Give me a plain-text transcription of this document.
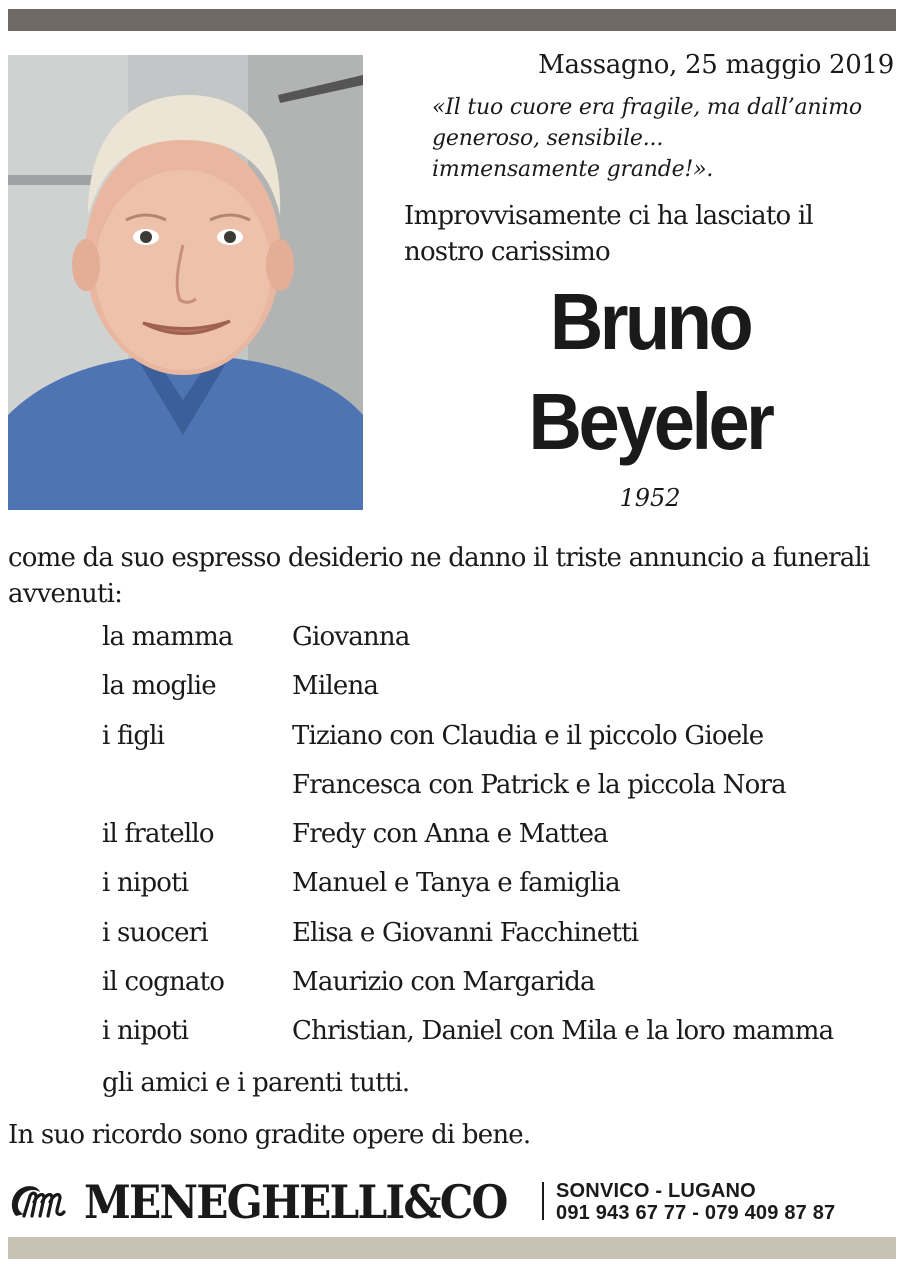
Massagno, 25 maggio 2019
«Il tuo cuore era fragile, ma dall’animo
generoso, sensibile...
immensamente grande!».
Improvvisamente ci ha lasciato il nostro carissimo
Bruno
Beyeler
1952
come da suo espresso desiderio ne danno il triste annuncio a funerali avvenuti:
la mamma	Giovanna
la moglie	Milena
i figli	Tiziano con Claudia e il piccolo Gioele
Francesca con Patrick e la piccola Nora
il fratello	Fredy con Anna e Mattea
i nipoti	Manuel e Tanya e famiglia
i suoceri	Elisa e Giovanni Facchinetti
il cognato	Maurizio con Margarida
i nipoti	Christian, Daniel con Mila e la loro mamma
gli amici e i parenti tutti.
In suo ricordo sono gradite opere di bene.
MENEGHELLI&CO SONVICO - LUGANO
091 943 67 77 - 079 409 87 87
